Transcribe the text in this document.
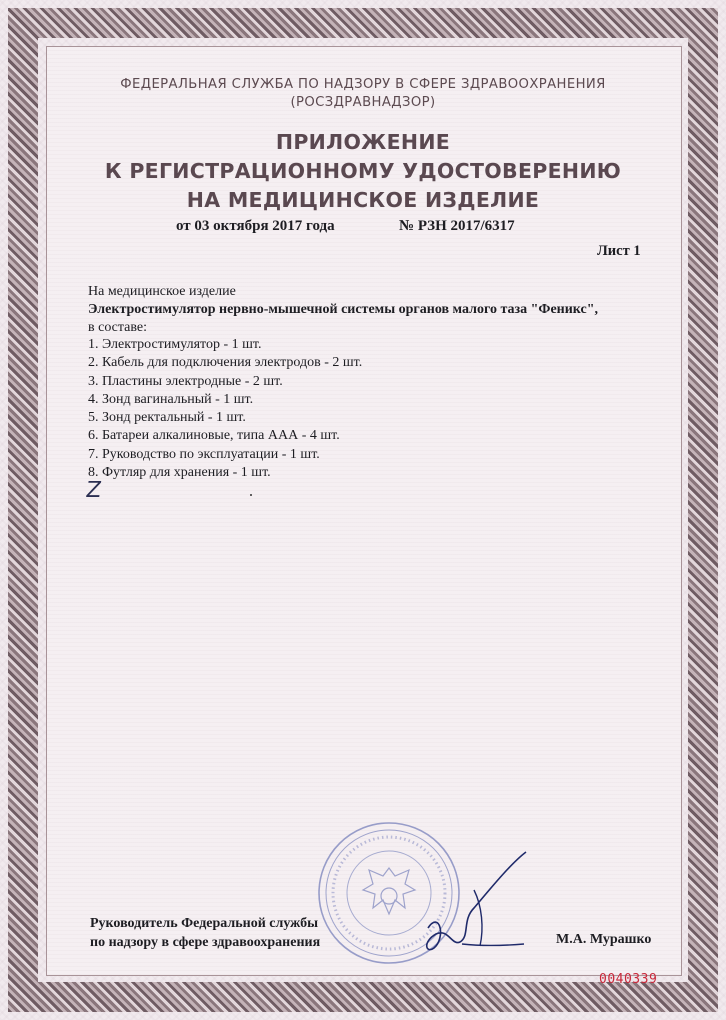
ФЕДЕРАЛЬНАЯ СЛУЖБА ПО НАДЗОРУ В СФЕРЕ ЗДРАВООХРАНЕНИЯ
(РОСЗДРАВНАДЗОР)
ПРИЛОЖЕНИЕ
К РЕГИСТРАЦИОННОМУ УДОСТОВЕРЕНИЮ
НА МЕДИЦИНСКОЕ ИЗДЕЛИЕ
от 03 октября 2017 года	№ РЗН 2017/6317
Лист 1
На медицинское изделие
Электростимулятор нервно-мышечной системы органов малого таза "Феникс",
в составе:
1. Электростимулятор - 1 шт.
2. Кабель для подключения электродов - 2 шт.
3. Пластины электродные - 2 шт.
4. Зонд вагинальный - 1 шт.
5. Зонд ректальный - 1 шт.
6. Батареи алкалиновые, типа ААА - 4 шт.
7. Руководство по эксплуатации - 1 шт.
8. Футляр для хранения - 1 шт.
Z
Руководитель Федеральной службы
по надзору в сфере здравоохранения	М.А. Мурашко
0040339
